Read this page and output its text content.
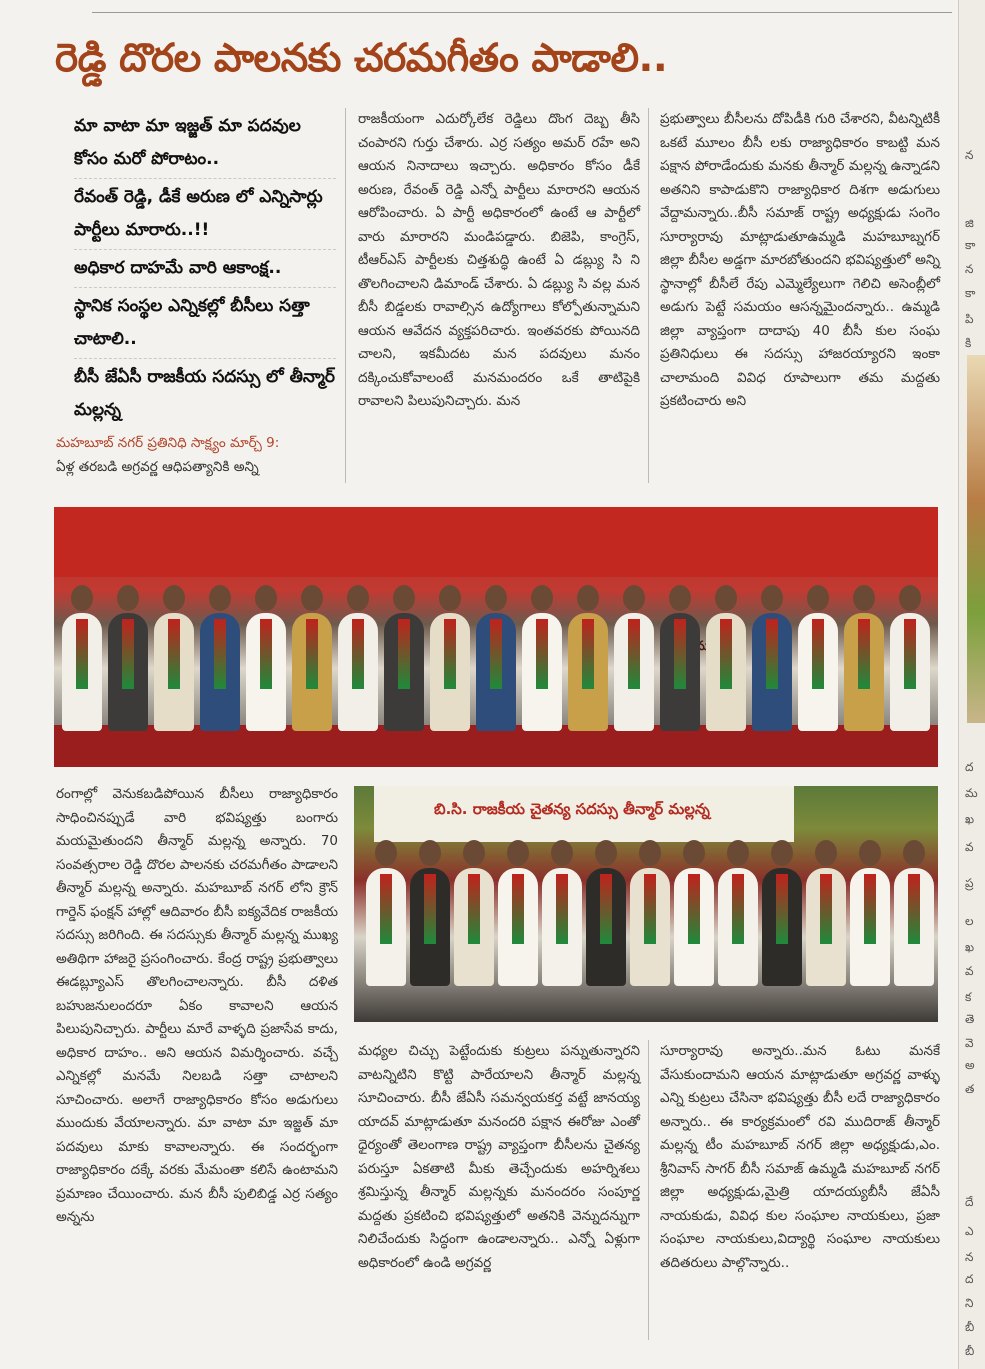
రెడ్డి దొరల పాలనకు చరమగీతం పాడాలి..
మా వాటా మా ఇజ్జత్ మా పదవుల కోసం మరో పోరాటం..
రేవంత్ రెడ్డి, డీకే అరుణ లో ఎన్నిసార్లు పార్టీలు మారారు..!!
అధికార దాహమే వారి ఆకాంక్ష..
స్థానిక సంస్థల ఎన్నికల్లో బీసీలు సత్తా చాటాలి..
బీసీ జేఏసీ రాజకీయ సదస్సు లో తీన్మార్ మల్లన్న

మహబూబ్ నగర్ ప్రతినిధి సాక్ష్యం మార్చ్ 9:

ఏళ్ల తరబడి అగ్రవర్ణ ఆధిపత్యానికి అన్ని

రాజకీయంగా ఎదుర్కోలేక రెడ్డిలు దొంగ దెబ్బ తీసి చంపారని గుర్తు చేశారు. ఎర్ర సత్యం అమర్ రహే అని ఆయన నినాదాలు ఇచ్చారు. అధికారం కోసం డీకే అరుణ, రేవంత్ రెడ్డి ఎన్నో పార్టీలు మారారని ఆయన ఆరోపించారు. ఏ పార్టీ అధికారంలో ఉంటే ఆ పార్టీలో వారు మారారని మండిపడ్డారు. బిజెపి, కాంగ్రెస్, టీఆర్ఎస్ పార్టీలకు చిత్తశుద్ధి ఉంటే ఏ డబ్ల్యు సి ని తొలగించాలని డిమాండ్ చేశారు. ఏ డబ్ల్యు సి వల్ల మన బీసీ బిడ్డలకు రావాల్సిన ఉద్యోగాలు కోల్పోతున్నామని ఆయన ఆవేదన వ్యక్తపరిచారు. ఇంతవరకు పోయినది చాలని, ఇకమీదట మన పదవులు మనం దక్కించుకోవాలంటే మనమందరం ఒకే తాటిపైకి రావాలని పిలుపునిచ్చారు. మన
ప్రభుత్వాలు బీసీలను దోపిడీకి గురి చేశారని, వీటన్నిటికీ ఒకటే మూలం బీసీ లకు రాజ్యాధికారం కాబట్టి మన పక్షాన పోరాడేందుకు మనకు తీన్మార్ మల్లన్న ఉన్నాడని అతనిని కాపాడుకొని రాజ్యాధికార దిశగా అడుగులు వేద్దామన్నారు..బీసీ సమాజ్ రాష్ట్ర అధ్యక్షుడు సంగెం సూర్యారావు మాట్లాడుతూఉమ్మడి మహబూబ్నగర్ జిల్లా బీసీల అడ్డగా మారబోతుందని భవిష్యత్తులో అన్ని స్థానాల్లో బీసీలే రేపు ఎమ్మెల్యేలుగా గెలిచి అసెంబ్లీలో అడుగు పెట్టే సమయం ఆసన్నమైందన్నారు.. ఉమ్మడి జిల్లా వ్యాప్తంగా దాదాపు 40 బీసీ కుల సంఘ ప్రతినిధులు ఈ సదస్సు హాజరయ్యారని ఇంకా చాలామంది వివిధ రూపాలుగా తమ మద్దతు ప్రకటించారు అని
రంగాల్లో వెనుకబడిపోయిన బీసీలు రాజ్యాధికారం సాధించినప్పుడే వారి భవిష్యత్తు బంగారు మయమైతుందని తీన్మార్ మల్లన్న అన్నారు. 70 సంవత్సరాల రెడ్డి దొరల పాలనకు చరమగీతం పాడాలని తీన్మార్ మల్లన్న అన్నారు. మహబూబ్ నగర్ లోని క్రౌన్ గార్డెన్ ఫంక్షన్ హాల్లో ఆదివారం బీసీ ఐక్యవేదిక రాజకీయ సదస్సు జరిగింది. ఈ సదస్సుకు తీన్మార్ మల్లన్న ముఖ్య అతిథిగా హాజరై ప్రసంగించారు. కేంద్ర రాష్ట్ర ప్రభుత్వాలు ఈడబ్ల్యూఎస్ తొలగించాలన్నారు. బీసీ దళిత బహుజనులందరూ ఏకం కావాలని ఆయన పిలుపునిచ్చారు. పార్టీలు మారే వాళ్ళది ప్రజాసేవ కాదు, అధికార దాహం.. అని ఆయన విమర్శించారు. వచ్చే ఎన్నికల్లో మనమే నిలబడి సత్తా చాటాలని సూచించారు. అలాగే రాజ్యాధికారం కోసం అడుగులు ముందుకు వేయాలన్నారు. మా వాటా మా ఇజ్జత్ మా పదవులు మాకు కావాలన్నారు. ఈ సందర్భంగా రాజ్యాధికారం దక్కే వరకు మేమంతా కలిసే ఉంటామని ప్రమాణం చేయించారు. మన బీసీ పులిబిడ్డ ఎర్ర సత్యం అన్నను
బి.సి. రాజకీయ చైతన్య సదస్సు తీన్మార్ మల్లన్న
మధ్యల చిచ్చు పెట్టేందుకు కుట్రలు పన్నుతున్నారని వాటన్నిటిని కొట్టి పారేయాలని తీన్మార్ మల్లన్న సూచించారు. బీసీ జేఏసీ సమన్వయకర్త వట్టే జానయ్య యాదవ్ మాట్లాడుతూ మనందరి పక్షాన ఈరోజు ఎంతో ధైర్యంతో తెలంగాణ రాష్ట్ర వ్యాప్తంగా బీసీలను చైతన్య పరుస్తూ ఏకతాటి మీకు తెచ్చేందుకు అహర్నిశలు శ్రమిస్తున్న తీన్మార్ మల్లన్నకు మనందరం సంపూర్ణ మద్దతు ప్రకటించి భవిష్యత్తులో అతనికి వెన్నుదన్నుగా నిలిచేందుకు సిద్ధంగా ఉండాలన్నారు.. ఎన్నో ఏళ్లుగా అధికారంలో ఉండి అగ్రవర్ణ
సూర్యారావు అన్నారు..మన ఓటు మనకే వేసుకుందామని ఆయన మాట్లాడుతూ అగ్రవర్ణ వాళ్ళు ఎన్ని కుట్రలు చేసినా భవిష్యత్తు బీసీ లదే రాజ్యాధికారం అన్నారు.. ఈ కార్యక్రమంలో రవి ముదిరాజ్ తీన్మార్ మల్లన్న టీం మహబూబ్ నగర్ జిల్లా అధ్యక్షుడు,ఎం. శ్రీనివాస్ సాగర్ బీసీ సమాజ్ ఉమ్మడి మహబూబ్ నగర్ జిల్లా అధ్యక్షుడు,మైత్రి యాదయ్యబీసీ జేఏసీ నాయకుడు, వివిధ కుల సంఘాల నాయకులు, ప్రజా సంఘాల నాయకులు,విద్యార్థి సంఘాల నాయకులు తదితరులు పాల్గొన్నారు..
న
జి
కా
న
కా
పి
కి
ద
మ
ఖ
వ
ప్ర
ల
ఖ
వ
క
తె
వె
అ
త
దే
ఎ
న
ద
ని
బీ
బీ
